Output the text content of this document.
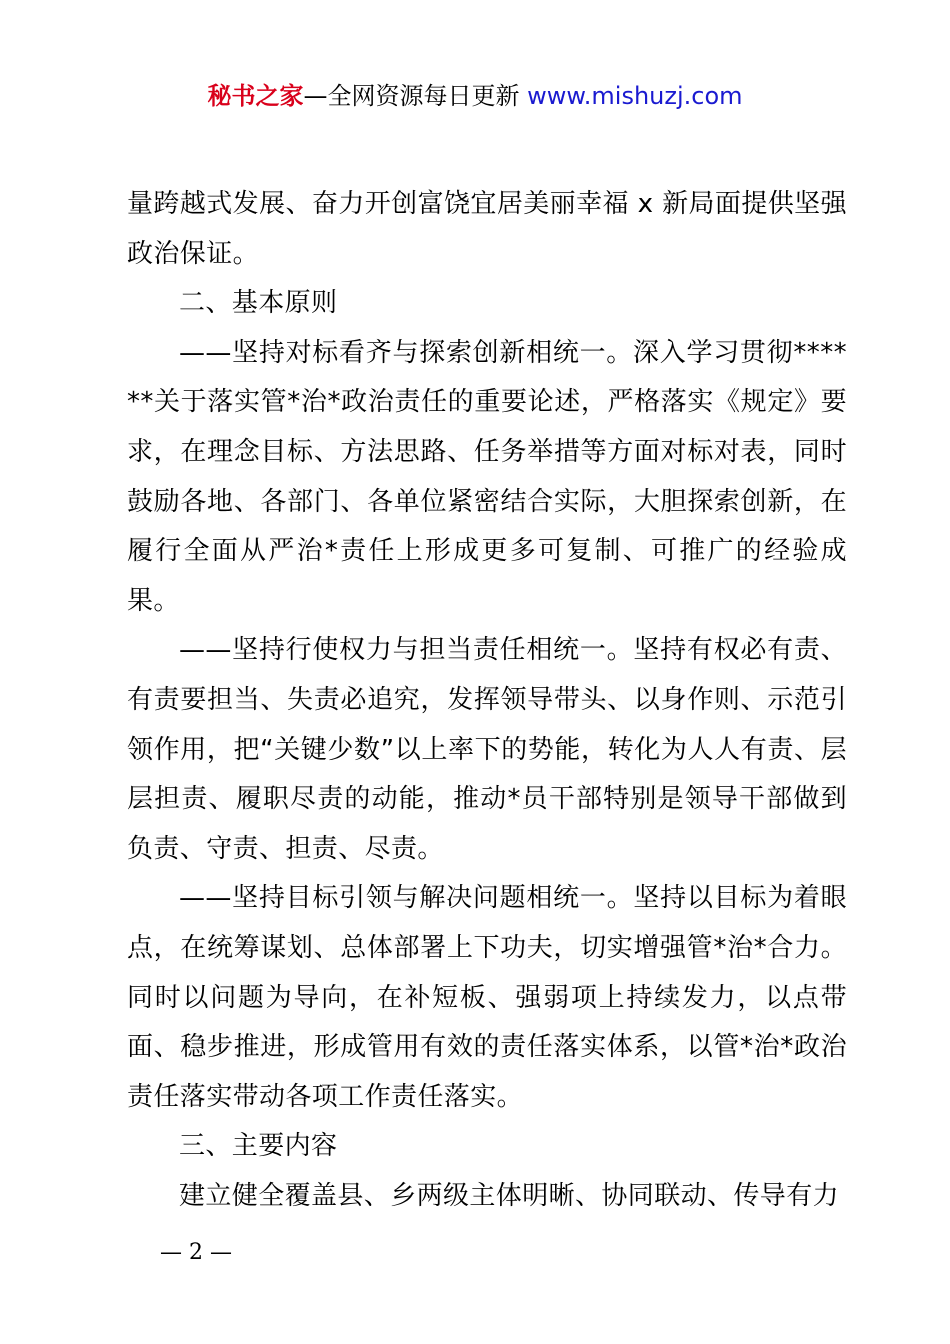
秘书之家—全网资源每日更新 www.mishuzj.com

量跨越式发展、奋力开创富饶宜居美丽幸福 x 新局面提供坚强政治保证。

二、基本原则

——坚持对标看齐与探索创新相统一。深入学习贯彻******关于落实管*治*政治责任的重要论述，严格落实《规定》要求，在理念目标、方法思路、任务举措等方面对标对表，同时鼓励各地、各部门、各单位紧密结合实际，大胆探索创新，在履行全面从严治*责任上形成更多可复制、可推广的经验成果。

——坚持行使权力与担当责任相统一。坚持有权必有责、有责要担当、失责必追究，发挥领导带头、以身作则、示范引领作用，把“关键少数”以上率下的势能，转化为人人有责、层层担责、履职尽责的动能，推动*员干部特别是领导干部做到负责、守责、担责、尽责。

——坚持目标引领与解决问题相统一。坚持以目标为着眼点，在统筹谋划、总体部署上下功夫，切实增强管*治*合力。同时以问题为导向，在补短板、强弱项上持续发力，以点带面、稳步推进，形成管用有效的责任落实体系，以管*治*政治责任落实带动各项工作责任落实。

三、主要内容

建立健全覆盖县、乡两级主体明晰、协同联动、传导有力

— 2 —
